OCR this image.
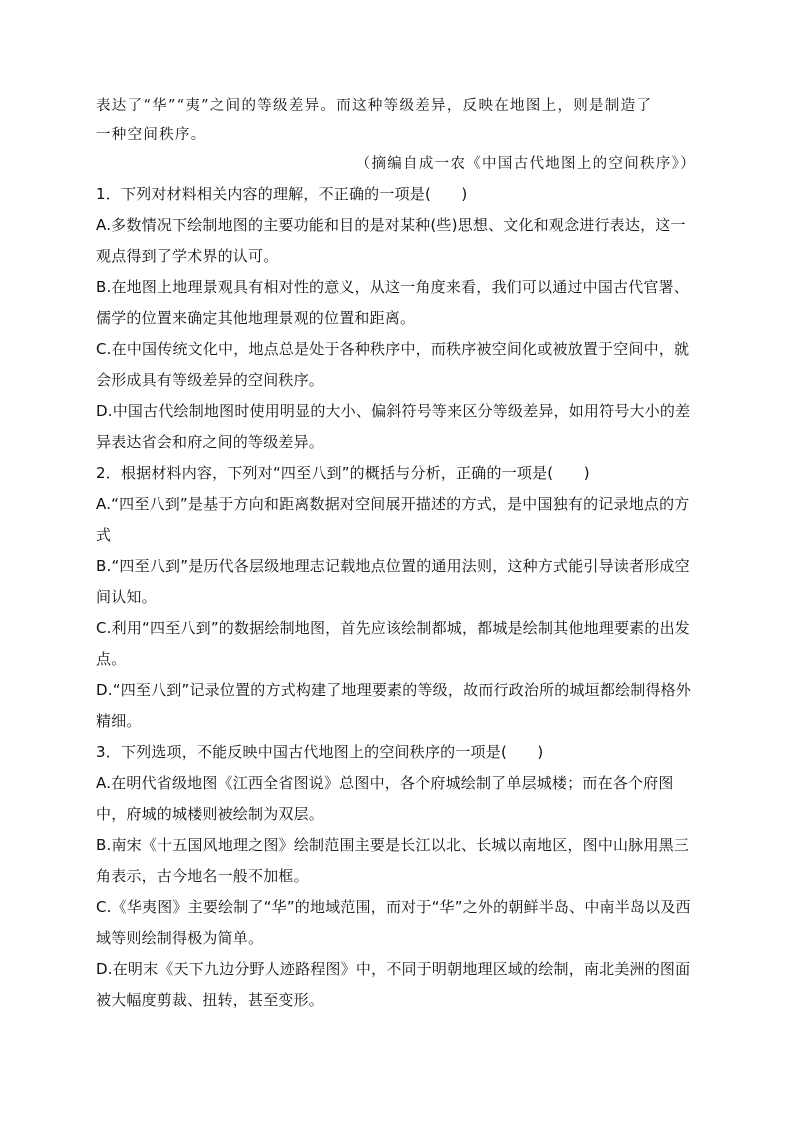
表达了“华”“夷”之间的等级差异。而这种等级差异，反映在地图上，则是制造了

一种空间秩序。

（摘编自成一农《中国古代地图上的空间秩序》）

1．下列对材料相关内容的理解，不正确的一项是(　　)

A.多数情况下绘制地图的主要功能和目的是对某种(些)思想、文化和观念进行表达，这一观点得到了学术界的认可。

B.在地图上地理景观具有相对性的意义，从这一角度来看，我们可以通过中国古代官署、儒学的位置来确定其他地理景观的位置和距离。

C.在中国传统文化中，地点总是处于各种秩序中，而秩序被空间化或被放置于空间中，就会形成具有等级差异的空间秩序。

D.中国古代绘制地图时使用明显的大小、偏斜符号等来区分等级差异，如用符号大小的差异表达省会和府之间的等级差异。

2．根据材料内容，下列对“四至八到”的概括与分析，正确的一项是(　　)

A.“四至八到”是基于方向和距离数据对空间展开描述的方式，是中国独有的记录地点的方式

B.“四至八到”是历代各层级地理志记载地点位置的通用法则，这种方式能引导读者形成空间认知。

C.利用“四至八到”的数据绘制地图，首先应该绘制都城，都城是绘制其他地理要素的出发点。

D.“四至八到”记录位置的方式构建了地理要素的等级，故而行政治所的城垣都绘制得格外精细。

3．下列选项，不能反映中国古代地图上的空间秩序的一项是(　　)

A.在明代省级地图《江西全省图说》总图中，各个府城绘制了单层城楼；而在各个府图中，府城的城楼则被绘制为双层。

B.南宋《十五国风地理之图》绘制范围主要是长江以北、长城以南地区，图中山脉用黑三角表示，古今地名一般不加框。

C.《华夷图》主要绘制了“华”的地域范围，而对于“华”之外的朝鲜半岛、中南半岛以及西域等则绘制得极为简单。

D.在明末《天下九边分野人迹路程图》中，不同于明朝地理区域的绘制，南北美洲的图面被大幅度剪裁、扭转，甚至变形。
